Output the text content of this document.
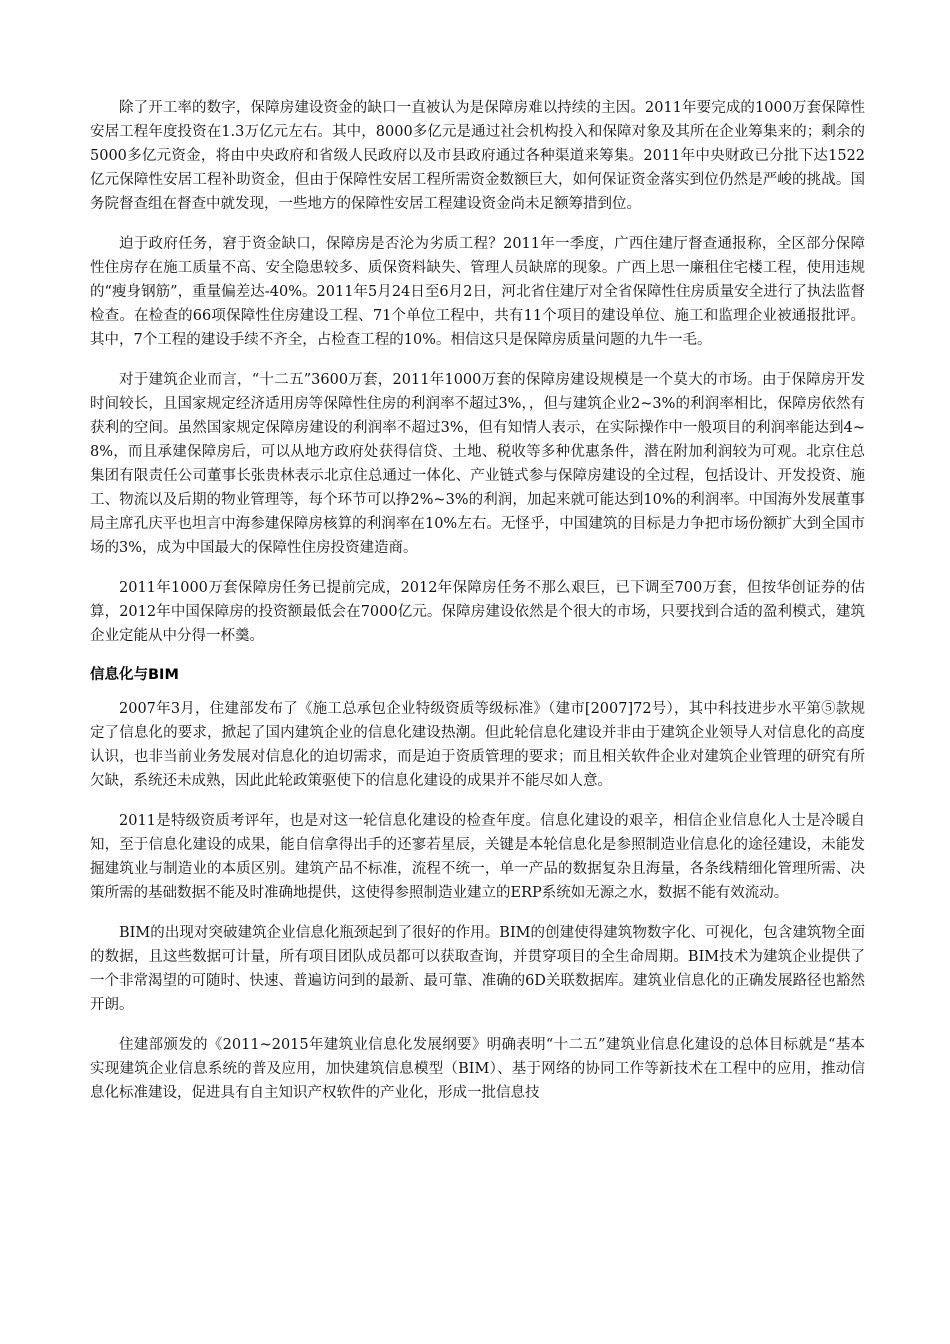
除了开工率的数字，保障房建设资金的缺口一直被认为是保障房难以持续的主因。2011年要完成的1000万套保障性安居工程年度投资在1.3万亿元左右。其中，8000多亿元是通过社会机构投入和保障对象及其所在企业筹集来的；剩余的5000多亿元资金，将由中央政府和省级人民政府以及市县政府通过各种渠道来筹集。2011年中央财政已分批下达1522亿元保障性安居工程补助资金，但由于保障性安居工程所需资金数额巨大，如何保证资金落实到位仍然是严峻的挑战。国务院督查组在督查中就发现，一些地方的保障性安居工程建设资金尚未足额筹措到位。

迫于政府任务，窘于资金缺口，保障房是否沦为劣质工程？2011年一季度，广西住建厅督查通报称，全区部分保障性住房存在施工质量不高、安全隐患较多、质保资料缺失、管理人员缺席的现象。广西上思一廉租住宅楼工程，使用违规的“瘦身钢筋”，重量偏差达-40%。2011年5月24日至6月2日，河北省住建厅对全省保障性住房质量安全进行了执法监督检查。在检查的66项保障性住房建设工程、71个单位工程中，共有11个项目的建设单位、施工和监理企业被通报批评。其中，7个工程的建设手续不齐全，占检查工程的10%。相信这只是保障房质量问题的九牛一毛。

对于建筑企业而言，“十二五”3600万套，2011年1000万套的保障房建设规模是一个莫大的市场。由于保障房开发时间较长，且国家规定经济适用房等保障性住房的利润率不超过3%，，但与建筑企业2~3%的利润率相比，保障房依然有获利的空间。虽然国家规定保障房建设的利润率不超过3%，但有知情人表示，在实际操作中一般项目的利润率能达到4~8%，而且承建保障房后，可以从地方政府处获得信贷、土地、税收等多种优惠条件，潜在附加利润较为可观。北京住总集团有限责任公司董事长张贵林表示北京住总通过一体化、产业链式参与保障房建设的全过程，包括设计、开发投资、施工、物流以及后期的物业管理等，每个环节可以挣2%~3%的利润，加起来就可能达到10%的利润率。中国海外发展董事局主席孔庆平也坦言中海参建保障房核算的利润率在10%左右。无怪乎，中国建筑的目标是力争把市场份额扩大到全国市场的3%，成为中国最大的保障性住房投资建造商。

2011年1000万套保障房任务已提前完成，2012年保障房任务不那么艰巨，已下调至700万套，但按华创证券的估算，2012年中国保障房的投资额最低会在7000亿元。保障房建设依然是个很大的市场，只要找到合适的盈利模式，建筑企业定能从中分得一杯羹。

信息化与BIM

2007年3月，住建部发布了《施工总承包企业特级资质等级标准》（建市[2007]72号），其中科技进步水平第⑤款规定了信息化的要求，掀起了国内建筑企业的信息化建设热潮。但此轮信息化建设并非由于建筑企业领导人对信息化的高度认识，也非当前业务发展对信息化的迫切需求，而是迫于资质管理的要求；而且相关软件企业对建筑企业管理的研究有所欠缺，系统还未成熟，因此此轮政策驱使下的信息化建设的成果并不能尽如人意。

2011是特级资质考评年，也是对这一轮信息化建设的检查年度。信息化建设的艰辛，相信企业信息化人士是冷暖自知，至于信息化建设的成果，能自信拿得出手的还寥若星辰，关键是本轮信息化是参照制造业信息化的途径建设，未能发掘建筑业与制造业的本质区别。建筑产品不标准，流程不统一，单一产品的数据复杂且海量，各条线精细化管理所需、决策所需的基础数据不能及时准确地提供，这使得参照制造业建立的ERP系统如无源之水，数据不能有效流动。

BIM的出现对突破建筑企业信息化瓶颈起到了很好的作用。BIM的创建使得建筑物数字化、可视化，包含建筑物全面的数据，且这些数据可计量，所有项目团队成员都可以获取查询，并贯穿项目的全生命周期。BIM技术为建筑企业提供了一个非常渴望的可随时、快速、普遍访问到的最新、最可靠、准确的6D关联数据库。建筑业信息化的正确发展路径也豁然开朗。

住建部颁发的《2011~2015年建筑业信息化发展纲要》明确表明“十二五”建筑业信息化建设的总体目标就是“基本实现建筑企业信息系统的普及应用，加快建筑信息模型（BIM）、基于网络的协同工作等新技术在工程中的应用，推动信息化标准建设，促进具有自主知识产权软件的产业化，形成一批信息技
